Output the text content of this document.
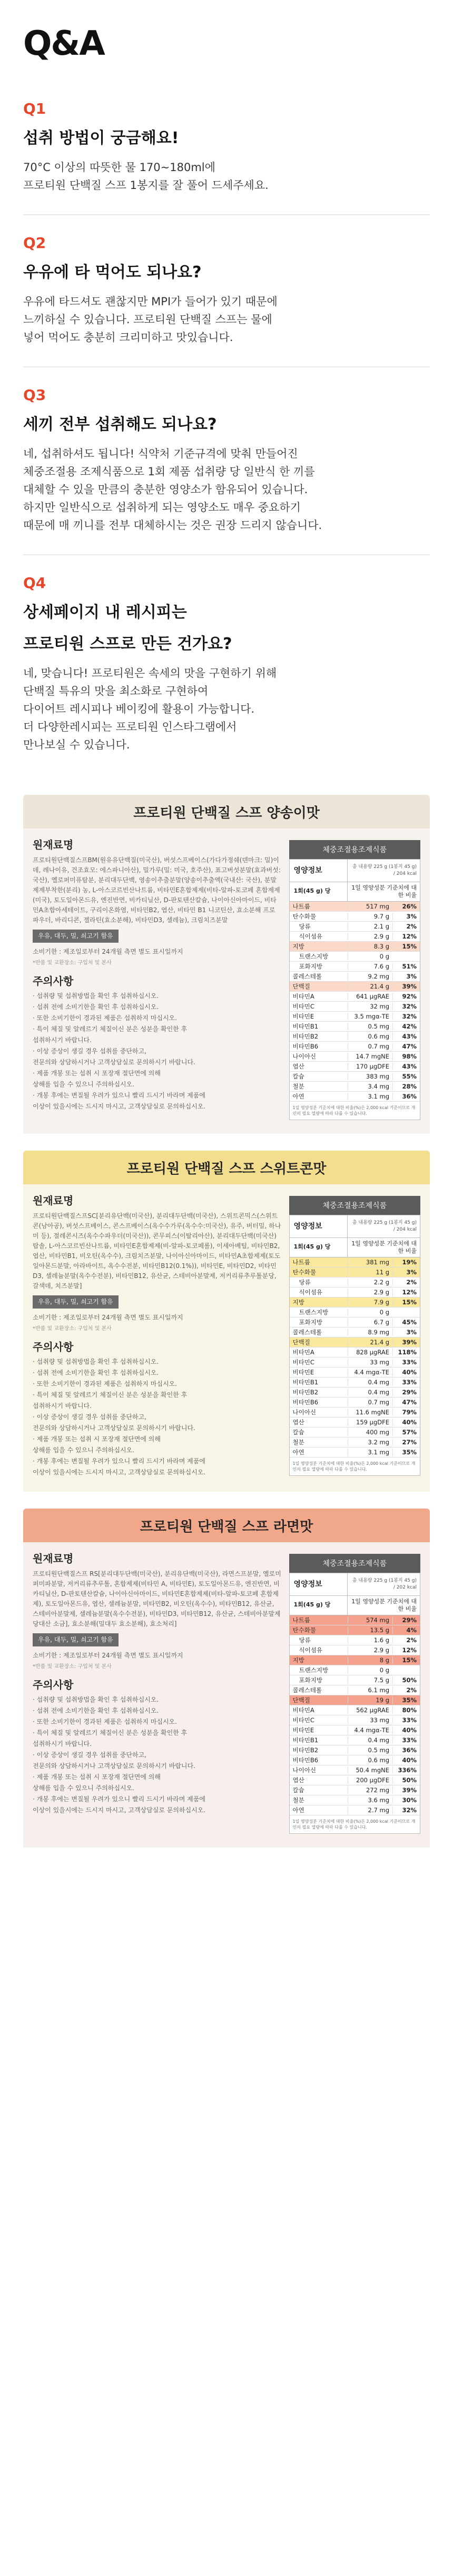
Q&A
Q1
섭취 방법이 궁금해요!
70°C 이상의 따뜻한 물 170~180ml에
프로티원 단백질 스프 1봉지를 잘 풀어 드세주세요.
Q2
우유에 타 먹어도 되나요?
우유에 타드셔도 괜찮지만 MPI가 들어가 있기 때문에
느끼하실 수 있습니다. 프로티원 단백질 스프는 물에
넣어 먹어도 충분히 크리미하고 맛있습니다.
Q3
세끼 전부 섭취해도 되나요?
네, 섭취하셔도 됩니다! 식약처 기준규격에 맞춰 만들어진
체중조절용 조제식품으로 1회 제품 섭취량 당 일반식 한 끼를
대체할 수 있을 만큼의 충분한 영양소가 함유되어 있습니다.
하지만 일반식으로 섭취하게 되는 영양소도 매우 중요하기
때문에 매 끼니를 전부 대체하시는 것은 권장 드리지 않습니다.
Q4
상세페이지 내 레시피는
프로티원 스프로 만든 건가요?
네, 맞습니다! 프로티원은 속세의 맛을 구현하기 위해
단백질 특유의 맛을 최소화로 구현하여
다이어트 레시피나 베이킹에 활용이 가능합니다.
더 다양한레시피는 프로티원 인스타그램에서
만나보실 수 있습니다.
프로티원 단백질 스프 양송이맛
원재료명
프로티원단백질스프BM(원유유단백질(미국산), 버섯스프베이스(가다가정쉐(덴마크: 밀)이데, 레나이유, 건조효모: 에스파니아산), 밀가루(밀: 미국, 호주산), 표고버섯분말(효과버섯: 국산), 옐로퍼미퓨탐분, 분리대두단백, 영송이추출분말(양송이추출액(국내산: 국산), 분말제제부착한(분리) 농, L-아스코르빈산나트륨, 비타민E혼합제제(비타-알파-토코페 혼합제제(미국), 토도일아몬드유, 엔진반면, 비카티닐산, D-판토텐산칼슘, 나이아신아마이드, 비타민A초합아세테이트, 구리이온화염, 비타민B2, 엽산, 비타민 B1 니코틴산, 효소분해 프로 파우더, 바리디콘, 젤라틴(효소분해), 비타민D3, 셀레늄), 크림치즈분말
우유, 대두, 밀, 쇠고기 함유
소비기한 : 제조일로부터 24개월 측면 별도 표시일까지
*반품 및 교환장소: 구입처 및 본사
주의사항
· 섭취량 및 섭취방법을 확인 후 섭취하십시오.
· 섭취 전에 소비기한을 확인 후 섭취하십시오.
· 또한 소비기한이 경과된 제품은 섭취하지 마십시오.
· 특이 체질 및 알레르기 체질이신 분은 성분을 확인한 후
섭취하시기 바랍니다.
· 이상 증상이 생길 경우 섭취를 중단하고,
전문의와 상담하시거나 고객상담실로 문의하시기 바랍니다.
· 제품 개봉 또는 섭취 시 포장재 절단면에 의해
상해를 입을 수 있으니 주의하십시오.
· 개봉 후에는 변질될 우려가 있으니 빨리 드시기 바라며 제품에
이상이 있을시에는 드시지 마시고, 고객상담실로 문의하십시오.
체중조절용조제식품
영양정보	총 내용량 225 g (1봉지 45 g) / 204 kcal
1회(45 g) 당	1일 영양성분 기준치에 대한 비율
나트륨	517 mg	26%
탄수화물	9.7 g	3%
당류	2.1 g	2%
식이섬유	2.9 g	12%
지방	8.3 g	15%
트랜스지방	0 g
포화지방	7.6 g	51%
콜레스테롤	9.2 mg	3%
단백질	21.4 g	39%
비타민A	641 μgRAE	92%
비타민C	32 mg	32%
비타민E	3.5 mgα-TE	32%
비타민B1	0.5 mg	42%
비타민B2	0.6 mg	43%
비타민B6	0.7 mg	47%
나이아신	14.7 mgNE	98%
엽산	170 μgDFE	43%
칼슘	383 mg	55%
철분	3.4 mg	28%
아연	3.1 mg	36%
1일 영양성분 기준치에 대한 비율(%)은 2,000 kcal 기준이므로 개인의 필요 열량에 따라 다를 수 있습니다.
프로티원 단백질 스프 스위트콘맛
원재료명
프로티원단백질스프SC[분리유단백(미국산), 분리대두단백(미국산), 스위트콘믹스(스위트콘(남아공), 버섯스프베이스, 콘스프베이스(옥수수가루(옥수수:미국산), 유주, 버터밀, 하나미 등), 절레콘시즈(옥수수파우더(미국산)), 콘무피스(이탈리아산), 분리대두단백(미국산)탑솔, L-아스코르빈산나트륨, 비타민E혼합제제(비-알파-토코페롤), 이세아베틸, 비타민B2, 엽산, 비타민B1, 비오틴(옥수수), 크림치즈분말, 나이아신아마이드, 비타민A초합제제(토도일아몬드분말, 아라바이트, 옥수수전분, 비타민B12(0.1%)), 비타민E, 비타민D2, 비타민D3, 셀레늄분말(옥수수전분), 비타민B12, 유산균, 스테비아분말제, 저커리류추루톨분당, 갈색데, 치즈분말]
우유, 대두, 밀, 쇠고기 함유
소비기한 : 제조일로부터 24개월 측면 별도 표시일까지
*반품 및 교환장소: 구입처 및 본사
주의사항
· 섭취량 및 섭취방법을 확인 후 섭취하십시오.
· 섭취 전에 소비기한을 확인 후 섭취하십시오.
· 또한 소비기한이 경과된 제품은 섭취하지 마십시오.
· 특이 체질 및 알레르기 체질이신 분은 성분을 확인한 후
섭취하시기 바랍니다.
· 이상 증상이 생길 경우 섭취를 중단하고,
전문의와 상담하시거나 고객상담실로 문의하시기 바랍니다.
· 제품 개봉 또는 섭취 시 포장재 절단면에 의해
상해를 입을 수 있으니 주의하십시오.
· 개봉 후에는 변질될 우려가 있으니 빨리 드시기 바라며 제품에
이상이 있을시에는 드시지 마시고, 고객상담실로 문의하십시오.
체중조절용조제식품
영양정보	총 내용량 225 g (1봉지 45 g) / 204 kcal
1회(45 g) 당	1일 영양성분 기준치에 대한 비율
나트륨	381 mg	19%
탄수화물	11 g	3%
당류	2.2 g	2%
식이섬유	2.9 g	12%
지방	7.9 g	15%
트랜스지방	0 g
포화지방	6.7 g	45%
콜레스테롤	8.9 mg	3%
단백질	21.4 g	39%
비타민A	828 μgRAE	118%
비타민C	33 mg	33%
비타민E	4.4 mgα-TE	40%
비타민B1	0.4 mg	33%
비타민B2	0.4 mg	29%
비타민B6	0.7 mg	47%
나이아신	11.6 mgNE	79%
엽산	159 μgDFE	40%
칼슘	400 mg	57%
철분	3.2 mg	27%
아연	3.1 mg	35%
1일 영양성분 기준치에 대한 비율(%)은 2,000 kcal 기준이므로 개인의 필요 열량에 따라 다를 수 있습니다.
프로티원 단백질 스프 라면맛
원재료명
프로티원단백질스프 RS[분리대두단백(미국산), 분리유단백(미국산), 라면스프분말, 옐로미퍼미파분말, 저커리류추루톨, 혼합제제(비타민 A, 비타민E), 토도일아몬드유, 엔진반면, 비카티닐산, D-판토텐산칼슘, 나이아신아마이드, 비타민E혼합제제(비타-알파-토코페 혼합제제), 토도일아몬드유, 엽산, 셀레늄분말, 비타민B2, 비오틴(옥수수), 비타민B12, 유산균, 스테비아분말제, 셀레늄분말(옥수수전분), 비타민D3, 비타민B12, 유산균, 스테비아분말제 당대산 소금], 효소분해(밀대두 효소분해), 효소처리]
우유, 대두, 밀, 쇠고기 함유
소비기한 : 제조일로부터 24개월 측면 별도 표시일까지
*반품 및 교환장소: 구입처 및 본사
주의사항
· 섭취량 및 섭취방법을 확인 후 섭취하십시오.
· 섭취 전에 소비기한을 확인 후 섭취하십시오.
· 또한 소비기한이 경과된 제품은 섭취하지 마십시오.
· 특이 체질 및 알레르기 체질이신 분은 성분을 확인한 후
섭취하시기 바랍니다.
· 이상 증상이 생길 경우 섭취를 중단하고,
전문의와 상담하시거나 고객상담실로 문의하시기 바랍니다.
· 제품 개봉 또는 섭취 시 포장재 절단면에 의해
상해를 입을 수 있으니 주의하십시오.
· 개봉 후에는 변질될 우려가 있으니 빨리 드시기 바라며 제품에
이상이 있을시에는 드시지 마시고, 고객상담실로 문의하십시오.
체중조절용조제식품
영양정보	총 내용량 225 g (1봉지 45 g) / 202 kcal
1회(45 g) 당	1일 영양성분 기준치에 대한 비율
나트륨	574 mg	29%
탄수화물	13.5 g	4%
당류	1.6 g	2%
식이섬유	2.9 g	12%
지방	8 g	15%
트랜스지방	0 g
포화지방	7.5 g	50%
콜레스테롤	6.1 mg	2%
단백질	19 g	35%
비타민A	562 μgRAE	80%
비타민C	33 mg	33%
비타민E	4.4 mgα-TE	40%
비타민B1	0.4 mg	33%
비타민B2	0.5 mg	36%
비타민B6	0.6 mg	40%
나이아신	50.4 mgNE	336%
엽산	200 μgDFE	50%
칼슘	272 mg	39%
철분	3.6 mg	30%
아연	2.7 mg	32%
1일 영양성분 기준치에 대한 비율(%)은 2,000 kcal 기준이므로 개인의 필요 열량에 따라 다를 수 있습니다.
